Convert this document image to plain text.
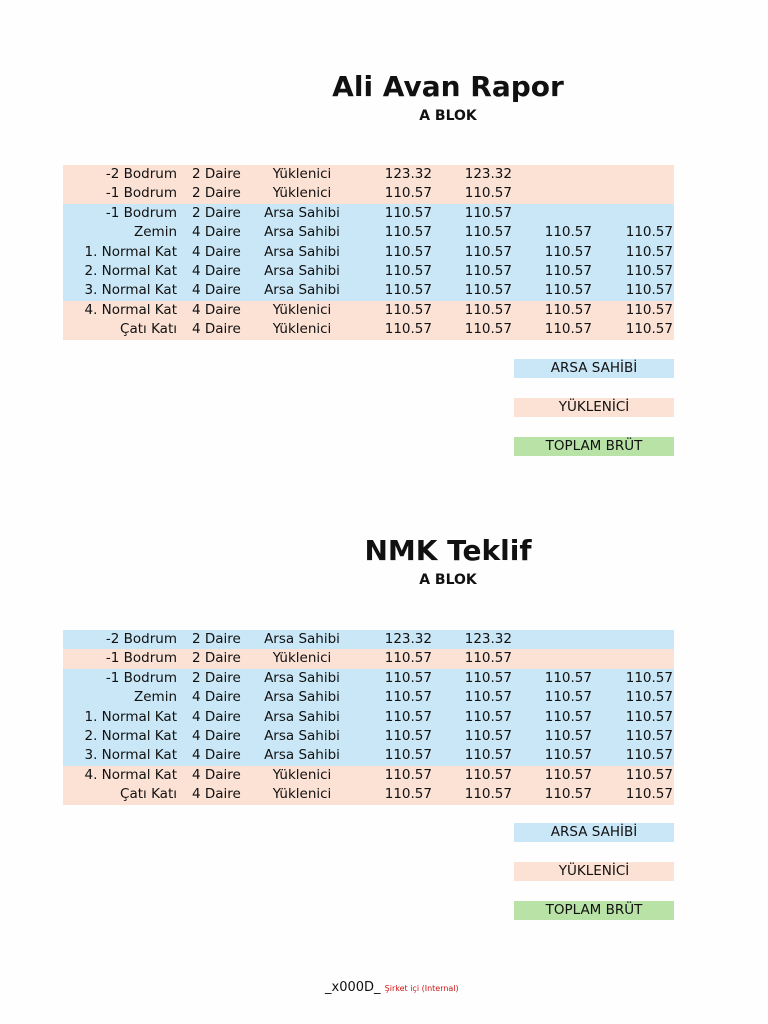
Ali Avan Rapor
A BLOK
-2 Bodrum 2 Daire	Yüklenici	123.32 123.32
-1 Bodrum 2 Daire	Yüklenici	110.57 110.57
-1 Bodrum 2 Daire	Arsa Sahibi	110.57 110.57
Zemin 4 Daire	Arsa Sahibi	110.57 110.57 110.57	110.57
1. Normal Kat 4 Daire	Arsa Sahibi	110.57 110.57 110.57	110.57
2. Normal Kat 4 Daire	Arsa Sahibi	110.57 110.57 110.57	110.57
3. Normal Kat 4 Daire	Arsa Sahibi	110.57 110.57 110.57	110.57
4. Normal Kat 4 Daire	Yüklenici	110.57 110.57 110.57	110.57
Çatı Katı 4 Daire	Yüklenici	110.57 110.57 110.57	110.57
ARSA SAHİBİ
YÜKLENİCİ
TOPLAM BRÜT
NMK Teklif
A BLOK
-2 Bodrum 2 Daire	Arsa Sahibi	123.32 123.32
-1 Bodrum 2 Daire	Yüklenici	110.57 110.57
-1 Bodrum 2 Daire	Arsa Sahibi	110.57 110.57 110.57	110.57
Zemin 4 Daire	Arsa Sahibi	110.57 110.57 110.57	110.57
1. Normal Kat 4 Daire	Arsa Sahibi	110.57 110.57 110.57	110.57
2. Normal Kat 4 Daire	Arsa Sahibi	110.57 110.57 110.57	110.57
3. Normal Kat 4 Daire	Arsa Sahibi	110.57 110.57 110.57	110.57
4. Normal Kat 4 Daire	Yüklenici	110.57 110.57 110.57	110.57
Çatı Katı 4 Daire	Yüklenici	110.57 110.57 110.57	110.57
ARSA SAHİBİ
YÜKLENİCİ
TOPLAM BRÜT
_x000D_ Şirket içi (Internal)
